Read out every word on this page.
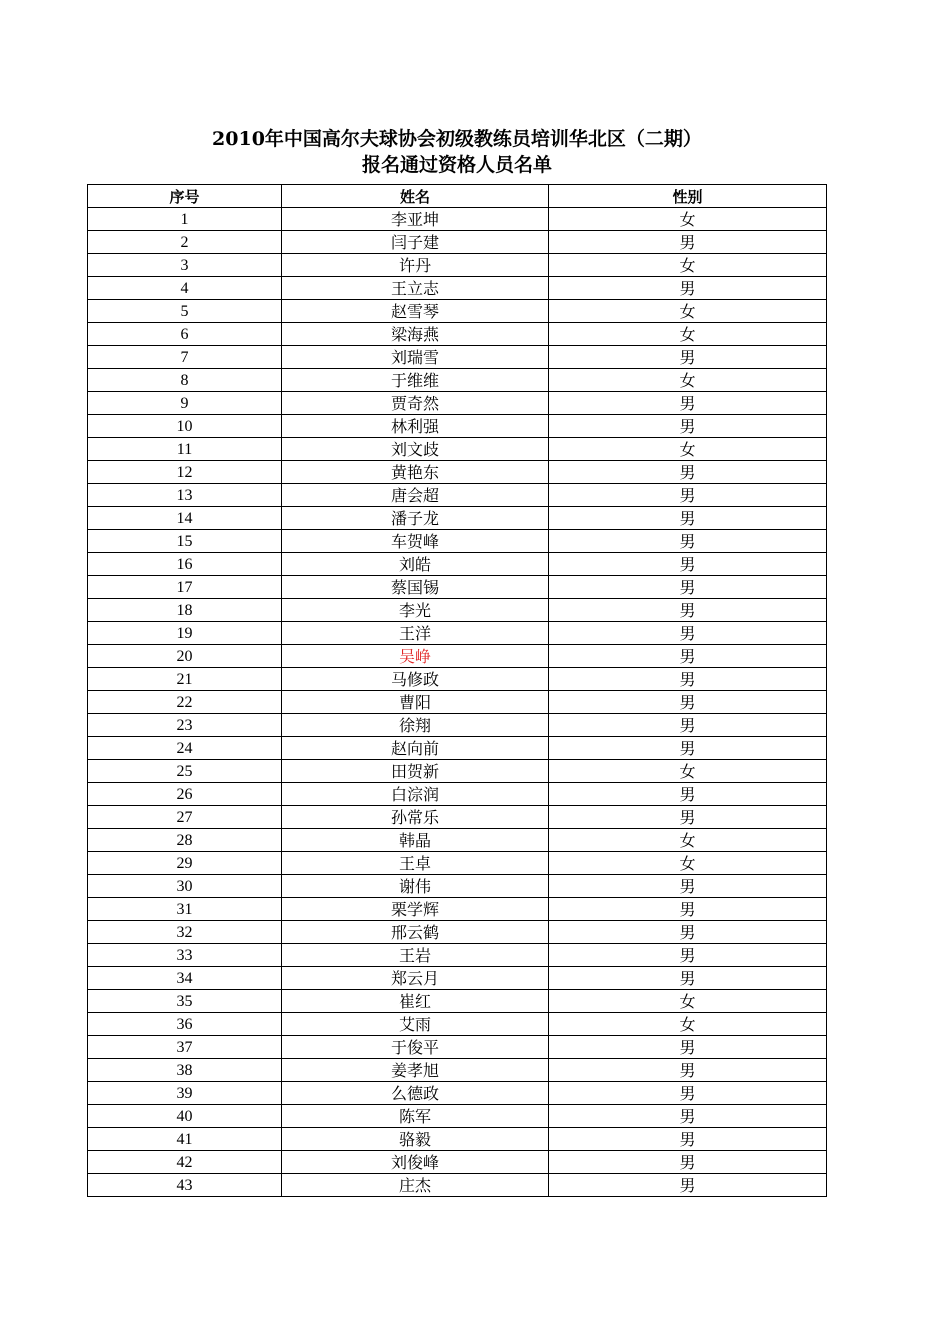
2010年中国高尔夫球协会初级教练员培训华北区（二期）
报名通过资格人员名单
序号	姓名	性别
1	李亚坤	女
2	闫子建	男
3	许丹	女
4	王立志	男
5	赵雪琴	女
6	梁海燕	女
7	刘瑞雪	男
8	于维维	女
9	贾奇然	男
10	林利强	男
11	刘文歧	女
12	黄艳东	男
13	唐会超	男
14	潘子龙	男
15	车贺峰	男
16	刘皓	男
17	蔡国锡	男
18	李光	男
19	王洋	男
20	吴峥	男
21	马修政	男
22	曹阳	男
23	徐翔	男
24	赵向前	男
25	田贺新	女
26	白淙润	男
27	孙常乐	男
28	韩晶	女
29	王卓	女
30	谢伟	男
31	栗学辉	男
32	邢云鹤	男
33	王岩	男
34	郑云月	男
35	崔红	女
36	艾雨	女
37	于俊平	男
38	姜孝旭	男
39	么德政	男
40	陈军	男
41	骆毅	男
42	刘俊峰	男
43	庄杰	男
